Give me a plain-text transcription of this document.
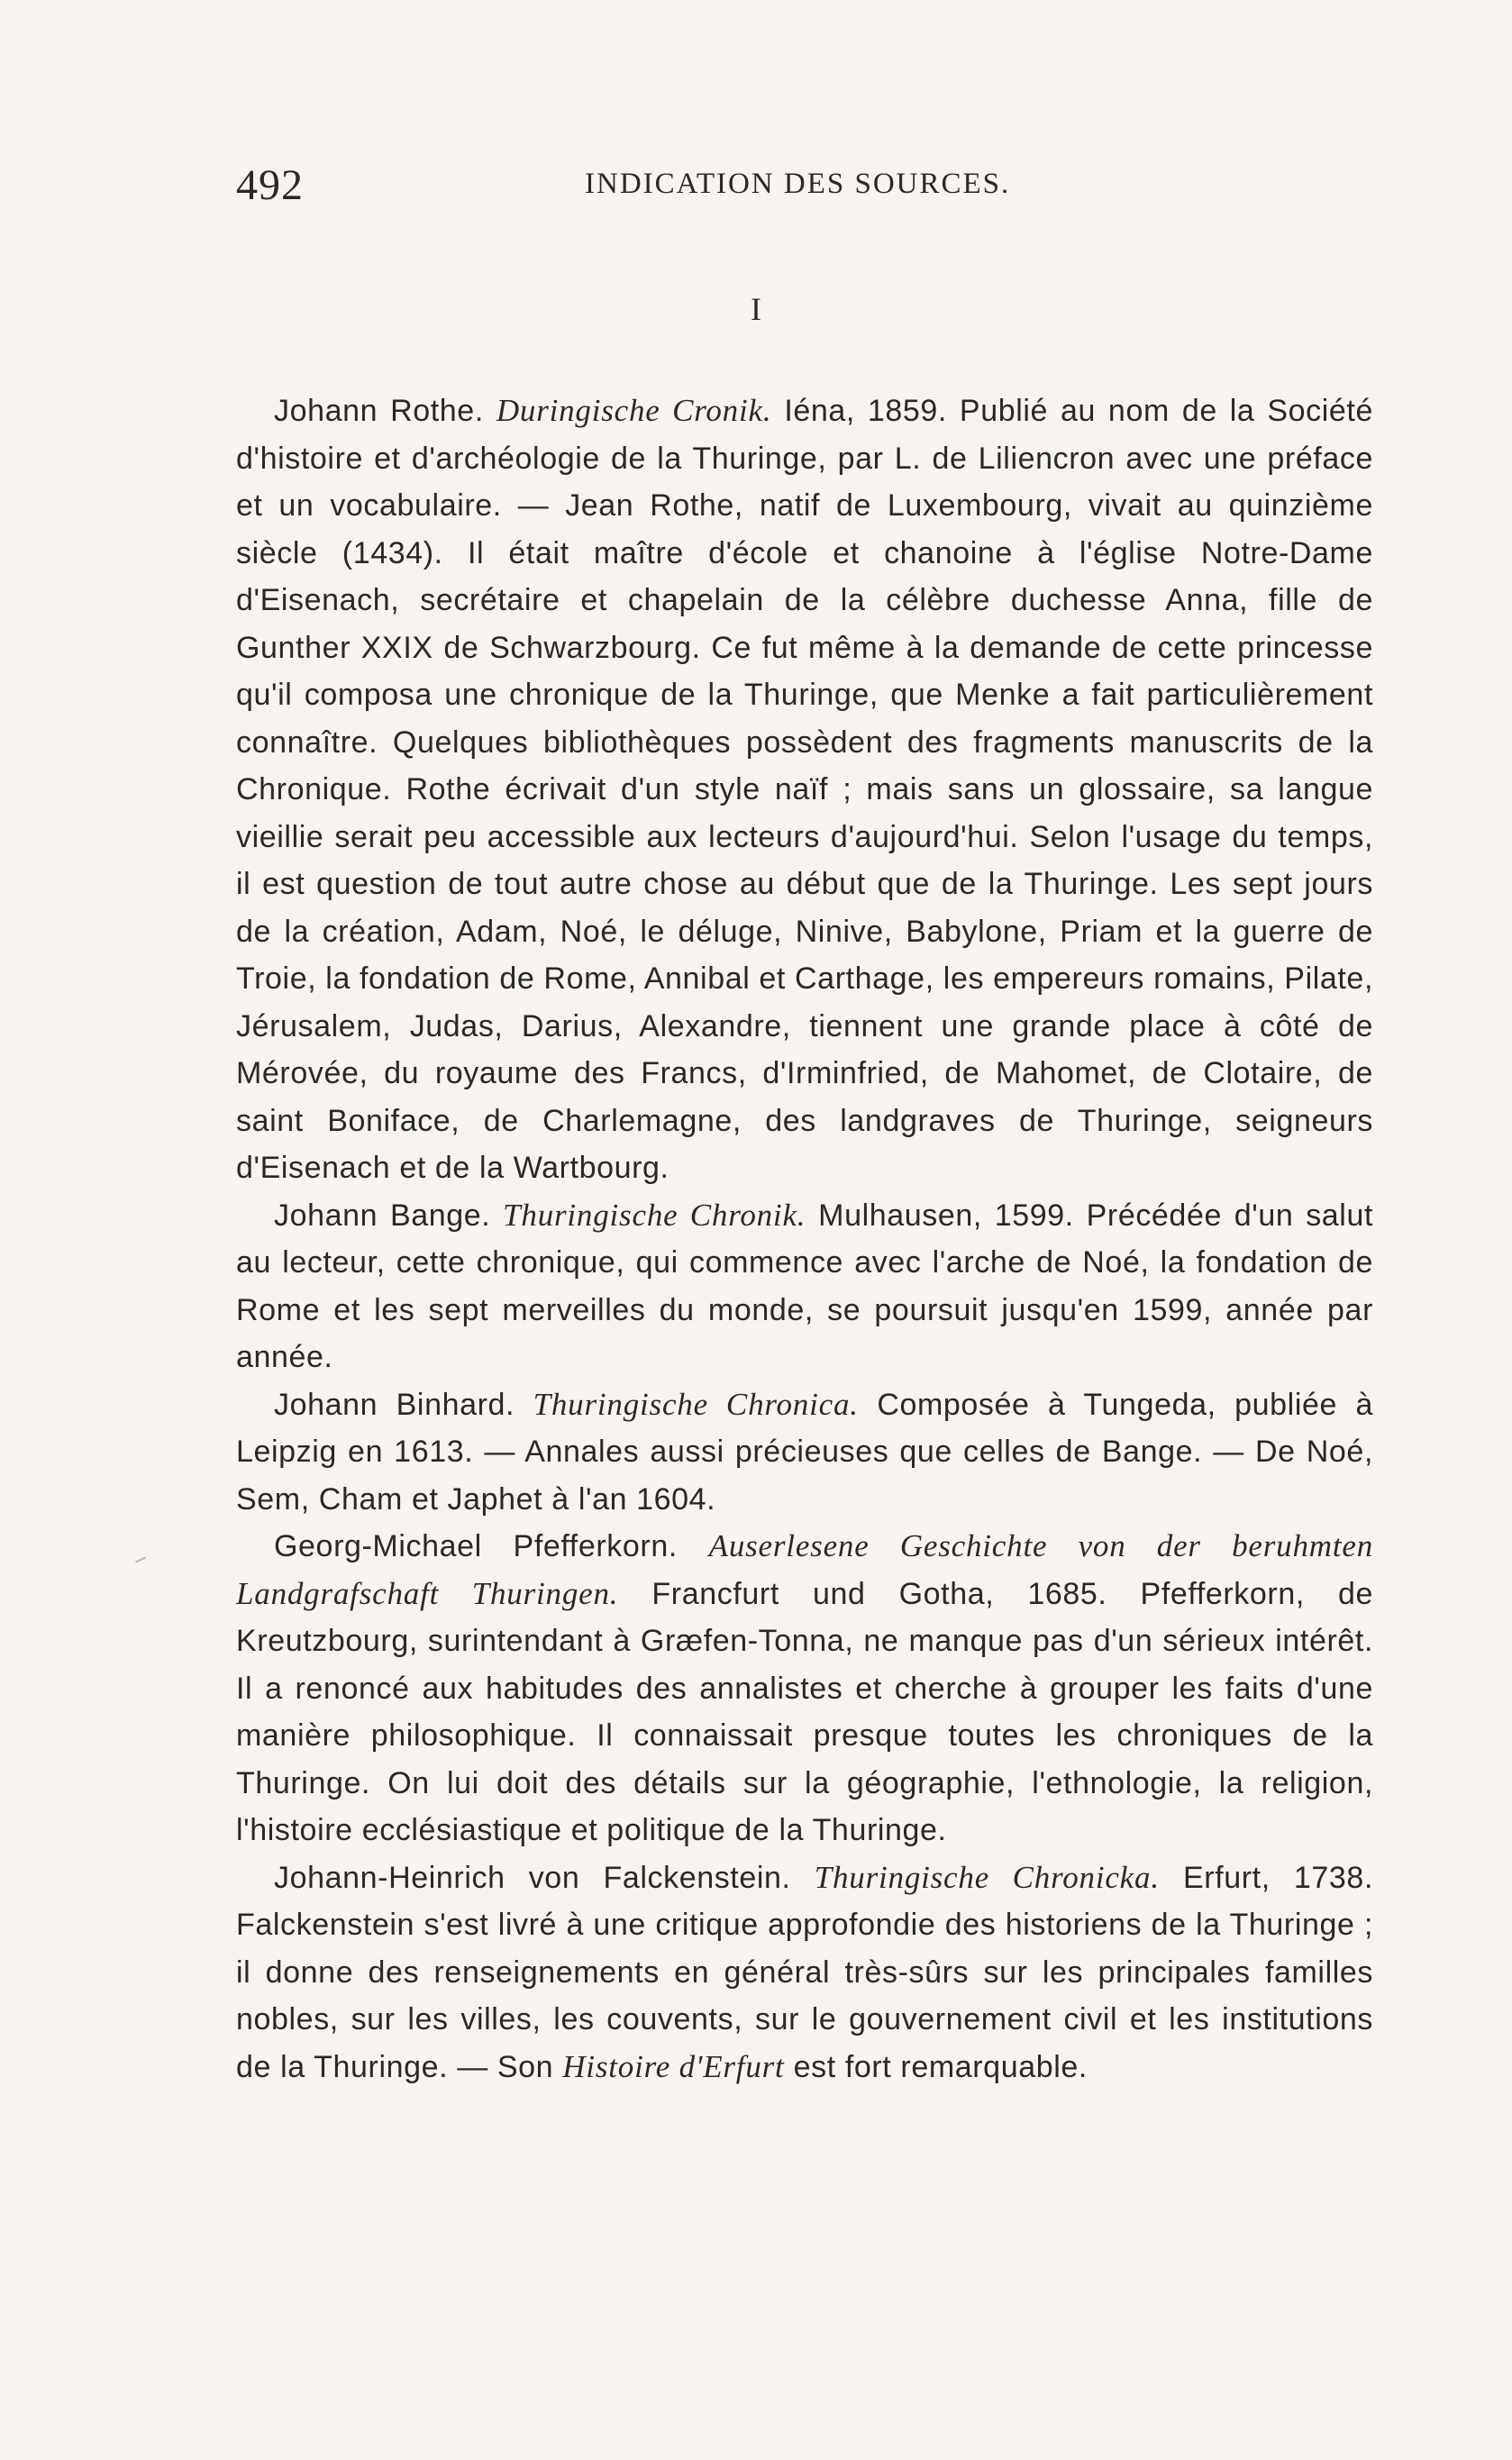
492	INDICATION DES SOURCES.
I

Johann Rothe. Duringische Cronik. Iéna, 1859. Publié au nom de la Société d'histoire et d'archéologie de la Thuringe, par L. de Liliencron avec une préface et un vocabulaire. — Jean Rothe, natif de Luxembourg, vivait au quinzième siècle (1434). Il était maître d'école et chanoine à l'église Notre-Dame d'Eisenach, secrétaire et chapelain de la célèbre duchesse Anna, fille de Gunther XXIX de Schwarzbourg. Ce fut même à la demande de cette princesse qu'il composa une chronique de la Thuringe, que Menke a fait particulièrement connaître. Quelques bibliothèques possèdent des fragments manuscrits de la Chronique. Rothe écrivait d'un style naïf ; mais sans un glossaire, sa langue vieillie serait peu accessible aux lecteurs d'aujourd'hui. Selon l'usage du temps, il est question de tout autre chose au début que de la Thuringe. Les sept jours de la création, Adam, Noé, le déluge, Ninive, Babylone, Priam et la guerre de Troie, la fondation de Rome, Annibal et Carthage, les empereurs romains, Pilate, Jérusalem, Judas, Darius, Alexandre, tiennent une grande place à côté de Mérovée, du royaume des Francs, d'Irminfried, de Mahomet, de Clotaire, de saint Boniface, de Charlemagne, des landgraves de Thuringe, seigneurs d'Eisenach et de la Wartbourg.

Johann Bange. Thuringische Chronik. Mulhausen, 1599. Précédée d'un salut au lecteur, cette chronique, qui commence avec l'arche de Noé, la fondation de Rome et les sept merveilles du monde, se poursuit jusqu'en 1599, année par année.

Johann Binhard. Thuringische Chronica. Composée à Tungeda, publiée à Leipzig en 1613. — Annales aussi précieuses que celles de Bange. — De Noé, Sem, Cham et Japhet à l'an 1604.

Georg-Michael Pfefferkorn. Auserlesene Geschichte von der beruhmten Landgrafschaft Thuringen. Francfurt und Gotha, 1685. Pfefferkorn, de Kreutzbourg, surintendant à Græfen-Tonna, ne manque pas d'un sérieux intérêt. Il a renoncé aux habitudes des annalistes et cherche à grouper les faits d'une manière philosophique. Il connaissait presque toutes les chroniques de la Thuringe. On lui doit des détails sur la géographie, l'ethnologie, la religion, l'histoire ecclésiastique et politique de la Thuringe.

Johann-Heinrich von Falckenstein. Thuringische Chronicka. Erfurt, 1738. Falckenstein s'est livré à une critique approfondie des historiens de la Thuringe ; il donne des renseignements en général très-sûrs sur les principales familles nobles, sur les villes, les couvents, sur le gouvernement civil et les institutions de la Thuringe. — Son Histoire d'Erfurt est fort remarquable.
